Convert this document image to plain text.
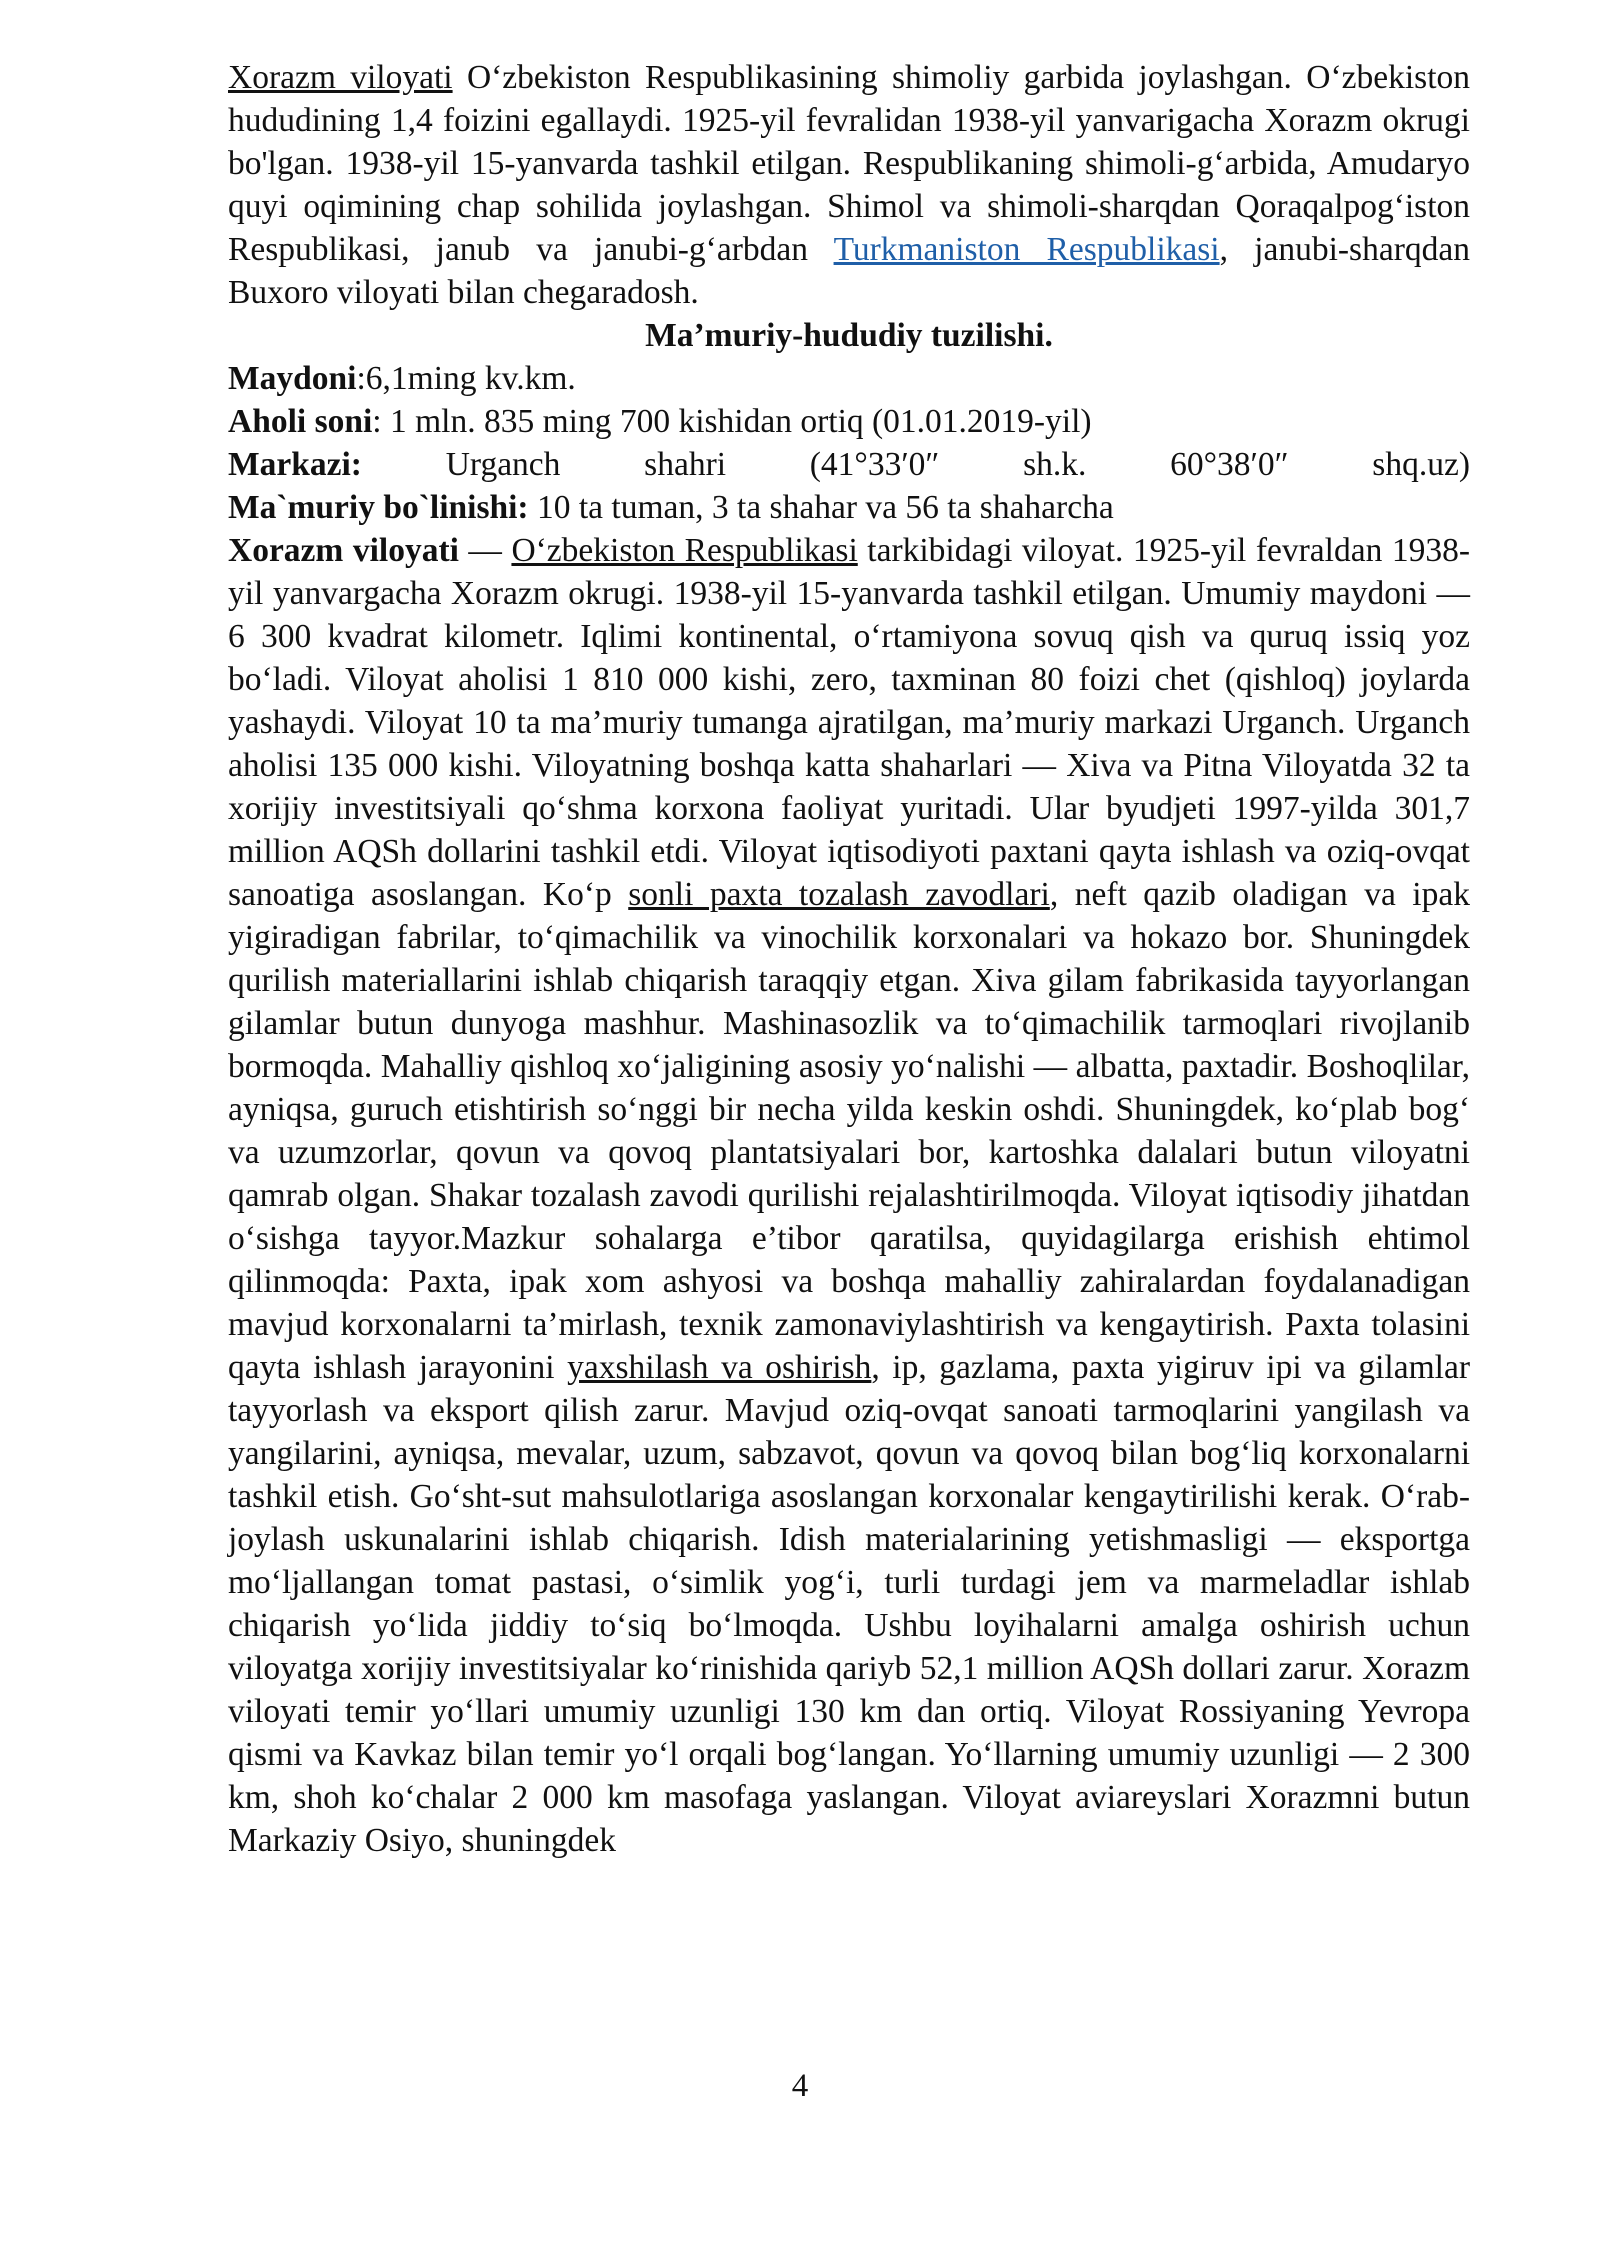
Xorazm viloyati O‘zbekiston Respublikasining shimoliy garbida joylashgan. O‘zbekiston hududining 1,4 foizini egallaydi. 1925-yil fevralidan 1938-yil yanvarigacha Xorazm okrugi bo'lgan. 1938-yil 15-yanvarda tashkil etilgan. Respublikaning shimoli-g‘arbida, Amudaryo quyi oqimining chap sohilida joylashgan. Shimol va shimoli-sharqdan Qoraqalpog‘iston Respublikasi, janub va janubi-g‘arbdan Turkmaniston Respublikasi, janubi-sharqdan Buxoro viloyati bilan chegaradosh.

Ma’muriy-hududiy tuzilishi.

Maydoni:6,1ming kv.km.

Aholi soni: 1 mln. 835 ming 700 kishidan ortiq (01.01.2019-yil)

Markazi: Urganch shahri (41°33′0″ sh.k. 60°38′0″ shq.uz)

Ma`muriy bo`linishi: 10 ta tuman, 3 ta shahar va 56 ta shaharcha

Xorazm viloyati — O‘zbekiston Respublikasi tarkibidagi viloyat. 1925-yil fevraldan 1938-yil yanvargacha Xorazm okrugi. 1938-yil 15-yanvarda tashkil etilgan. Umumiy maydoni — 6 300 kvadrat kilometr. Iqlimi kontinental, o‘rtamiyona sovuq qish va quruq issiq yoz bo‘ladi. Viloyat aholisi 1 810 000 kishi, zero, taxminan 80 foizi chet (qishloq) joylarda yashaydi. Viloyat 10 ta ma’muriy tumanga ajratilgan, ma’muriy markazi Urganch. Urganch aholisi 135 000 kishi. Viloyatning boshqa katta shaharlari — Xiva va Pitna Viloyatda 32 ta xorijiy investitsiyali qo‘shma korxona faoliyat yuritadi. Ular byudjeti 1997-yilda 301,7 million AQSh dollarini tashkil etdi. Viloyat iqtisodiyoti paxtani qayta ishlash va oziq-ovqat sanoatiga asoslangan. Ko‘p sonli paxta tozalash zavodlari, neft qazib oladigan va ipak yigiradigan fabrilar, to‘qimachilik va vinochilik korxonalari va hokazo bor. Shuningdek qurilish materiallarini ishlab chiqarish taraqqiy etgan. Xiva gilam fabrikasida tayyorlangan gilamlar butun dunyoga mashhur. Mashinasozlik va to‘qimachilik tarmoqlari rivojlanib bormoqda. Mahalliy qishloq xo‘jaligining asosiy yo‘nalishi — albatta, paxtadir. Boshoqlilar, ayniqsa, guruch etishtirish so‘nggi bir necha yilda keskin oshdi. Shuningdek, ko‘plab bog‘ va uzumzorlar, qovun va qovoq plantatsiyalari bor, kartoshka dalalari butun viloyatni qamrab olgan. Shakar tozalash zavodi qurilishi rejalashtirilmoqda. Viloyat iqtisodiy jihatdan o‘sishga tayyor.Mazkur sohalarga e’tibor qaratilsa, quyidagilarga erishish ehtimol qilinmoqda: Paxta, ipak xom ashyosi va boshqa mahalliy zahiralardan foydalanadigan mavjud korxonalarni ta’mirlash, texnik zamonaviylashtirish va kengaytirish. Paxta tolasini qayta ishlash jarayonini yaxshilash va oshirish, ip, gazlama, paxta yigiruv ipi va gilamlar tayyorlash va eksport qilish zarur. Mavjud oziq-ovqat sanoati tarmoqlarini yangilash va yangilarini, ayniqsa, mevalar, uzum, sabzavot, qovun va qovoq bilan bog‘liq korxonalarni tashkil etish. Go‘sht-sut mahsulotlariga asoslangan korxonalar kengaytirilishi kerak. O‘rab-joylash uskunalarini ishlab chiqarish. Idish materialarining yetishmasligi — eksportga mo‘ljallangan tomat pastasi, o‘simlik yog‘i, turli turdagi jem va marmeladlar ishlab chiqarish yo‘lida jiddiy to‘siq bo‘lmoqda. Ushbu loyihalarni amalga oshirish uchun viloyatga xorijiy investitsiyalar ko‘rinishida qariyb 52,1 million AQSh dollari zarur. Xorazm viloyati temir yo‘llari umumiy uzunligi 130 km dan ortiq. Viloyat Rossiyaning Yevropa qismi va Kavkaz bilan temir yo‘l orqali bog‘langan. Yo‘llarning umumiy uzunligi — 2 300 km, shoh ko‘chalar 2 000 km masofaga yaslangan. Viloyat aviareyslari Xorazmni butun Markaziy Osiyo, shuningdek

4
